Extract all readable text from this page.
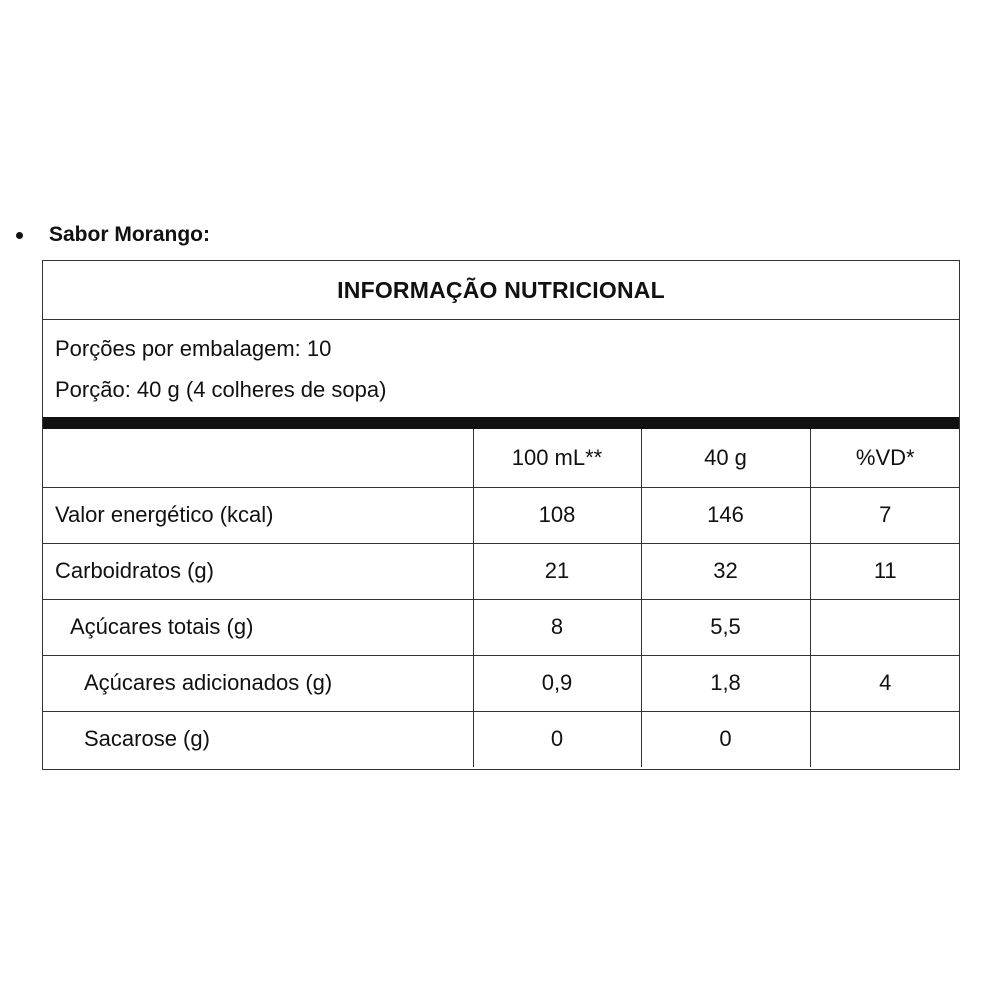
Sabor Morango:
INFORMAÇÃO NUTRICIONAL
Porções por embalagem: 10
Porção: 40 g (4 colheres de sopa)
	100 mL**	40 g	%VD*
Valor energético (kcal)	108	146	7
Carboidratos (g)	21	32	11
Açúcares totais (g)	8	5,5	
Açúcares adicionados (g)	0,9	1,8	4
Sacarose (g)	0	0	
